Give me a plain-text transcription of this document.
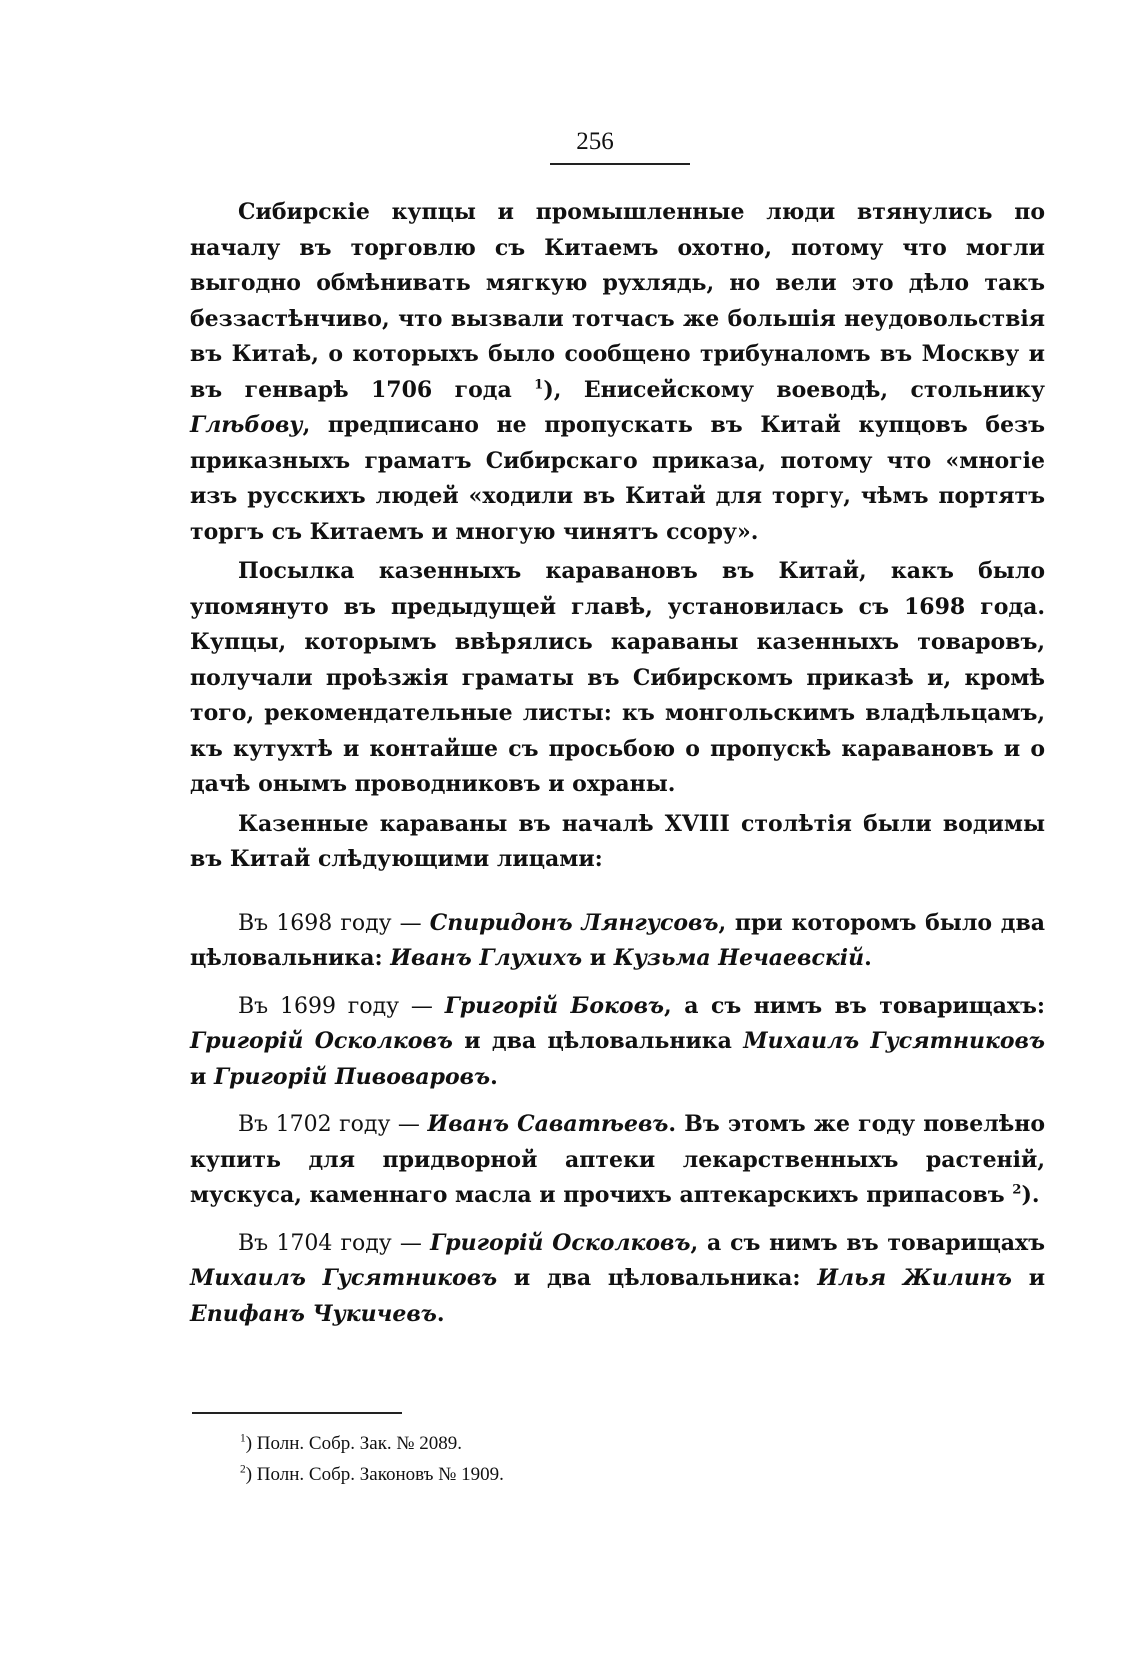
256

Сибирскіе купцы и промышленные люди втянулись по началу въ торговлю съ Китаемъ охотно, потому что могли выгодно обмѣнивать мягкую рухлядь, но вели это дѣло такъ беззастѣнчиво, что вызвали тотчасъ же большія неудовольствія въ Китаѣ, о которыхъ было сообщено трибуналомъ въ Москву и въ генварѣ 1706 года $^1$), Енисейскому воеводѣ, стольнику Глѣбову, предписано не пропускать въ Китай купцовъ безъ приказныхъ граматъ Сибирскаго приказа, потому что «многіе изъ русскихъ людей «ходили въ Китай для торгу, чѣмъ портятъ торгъ съ Китаемъ и многую чинятъ ссору».

Посылка казенныхъ каравановъ въ Китай, какъ было упомянуто въ предыдущей главѣ, установилась съ 1698 года. Купцы, которымъ ввѣрялись караваны казенныхъ товаровъ, получали проѣзжія граматы въ Сибирскомъ приказѣ и, кромѣ того, рекомендательные листы: къ монгольскимъ владѣльцамъ, къ кутухтѣ и контайше съ просьбою о пропускѣ каравановъ и о дачѣ онымъ проводниковъ и охраны.

Казенные караваны въ началѣ XVIII столѣтія были водимы въ Китай слѣдующими лицами:

Въ 1698 году — Спиридонъ Лянгусовъ, при которомъ было два цѣловальника: Иванъ Глухихъ и Кузьма Нечаевскій.
Въ 1699 году — Григорій Боковъ, а съ нимъ въ товарищахъ: Григорій Осколковъ и два цѣловальника Михаилъ Гусятниковъ и Григорій Пивоваровъ.
Въ 1702 году — Иванъ Саватѣевъ. Въ этомъ же году повелѣно купить для придворной аптеки лекарственныхъ растеній, мускуса, каменнаго масла и прочихъ аптекарскихъ припасовъ $^2$).
Въ 1704 году — Григорій Осколковъ, а съ нимъ въ товарищахъ Михаилъ Гусятниковъ и два цѣловальника: Илья Жилинъ и Епифанъ Чукичевъ.
$^1$) Полн. Собр. Зак. № 2089.
$^2$) Полн. Собр. Законовъ № 1909.
